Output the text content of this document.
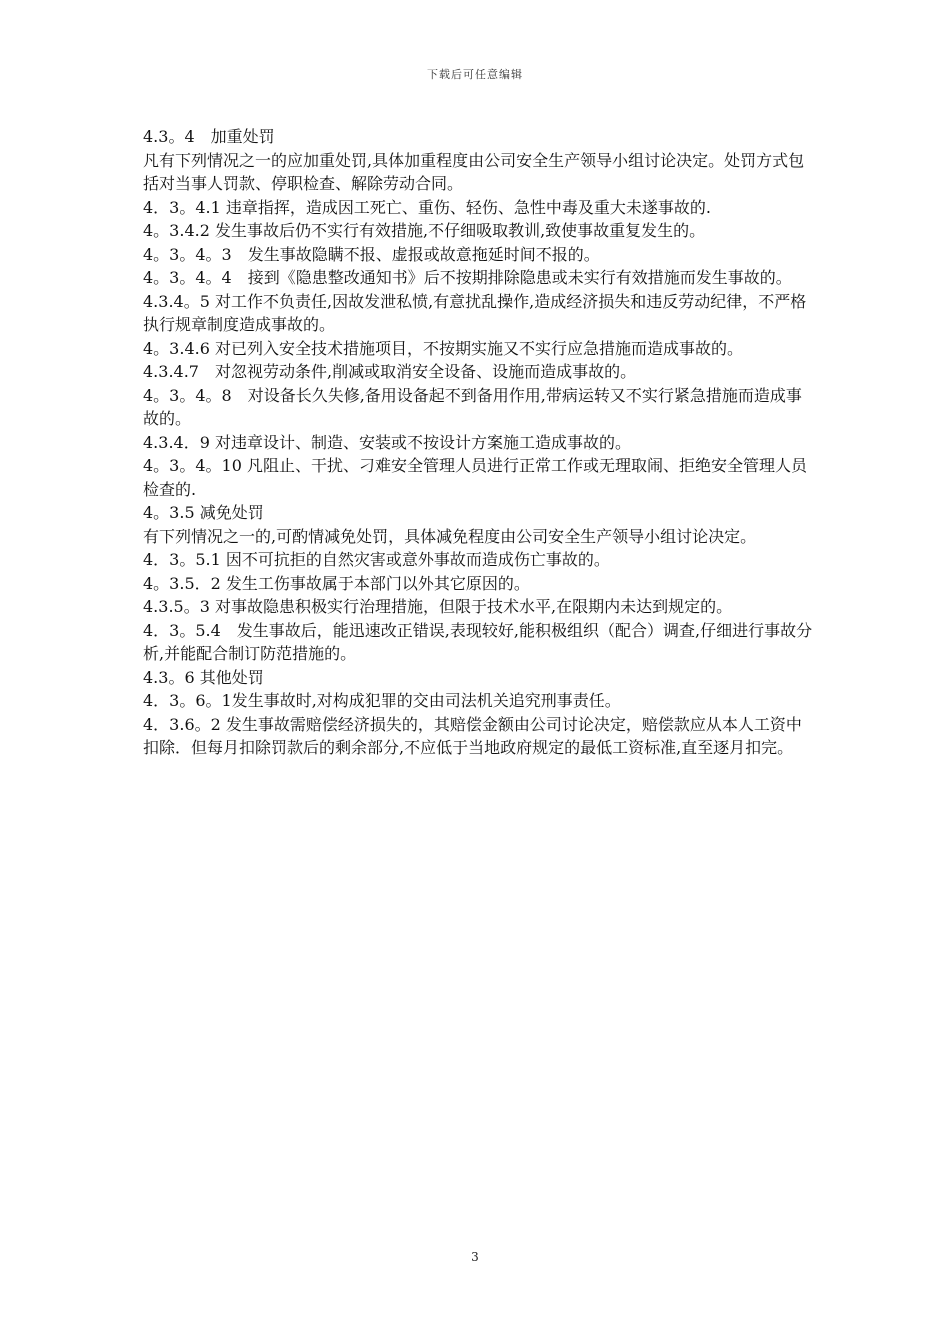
下载后可任意编辑

4.3。4　加重处罚

凡有下列情况之一的应加重处罚,具体加重程度由公司安全生产领导小组讨论决定。处罚方式包括对当事人罚款、停职检查、解除劳动合同。

4．3。4.1 违章指挥，造成因工死亡、重伤、轻伤、急性中毒及重大未遂事故的.

4。3.4.2 发生事故后仍不实行有效措施,不仔细吸取教训,致使事故重复发生的。

4。3。4。3　发生事故隐瞒不报、虚报或故意拖延时间不报的。

4。3。4。4　接到《隐患整改通知书》后不按期排除隐患或未实行有效措施而发生事故的。

4.3.4。5 对工作不负责任,因故发泄私愤,有意扰乱操作,造成经济损失和违反劳动纪律，不严格执行规章制度造成事故的。

4。3.4.6 对已列入安全技术措施项目，不按期实施又不实行应急措施而造成事故的。

4.3.4.7　对忽视劳动条件,削减或取消安全设备、设施而造成事故的。

4。3。4。8　对设备长久失修,备用设备起不到备用作用,带病运转又不实行紧急措施而造成事故的。

4.3.4．9 对违章设计、制造、安装或不按设计方案施工造成事故的。

4。3。4。10 凡阻止、干扰、刁难安全管理人员进行正常工作或无理取闹、拒绝安全管理人员检查的.

4。3.5 减免处罚

有下列情况之一的,可酌情减免处罚，具体减免程度由公司安全生产领导小组讨论决定。

4．3。5.1 因不可抗拒的自然灾害或意外事故而造成伤亡事故的。

4。3.5．2 发生工伤事故属于本部门以外其它原因的。

4.3.5。3 对事故隐患积极实行治理措施，但限于技术水平,在限期内未达到规定的。

4．3。5.4　发生事故后，能迅速改正错误,表现较好,能积极组织（配合）调查,仔细进行事故分析,并能配合制订防范措施的。

4.3。6 其他处罚

4．3。6。1发生事故时,对构成犯罪的交由司法机关追究刑事责任。

4．3.6。2 发生事故需赔偿经济损失的，其赔偿金额由公司讨论决定，赔偿款应从本人工资中扣除．但每月扣除罚款后的剩余部分,不应低于当地政府规定的最低工资标准,直至逐月扣完。

3
